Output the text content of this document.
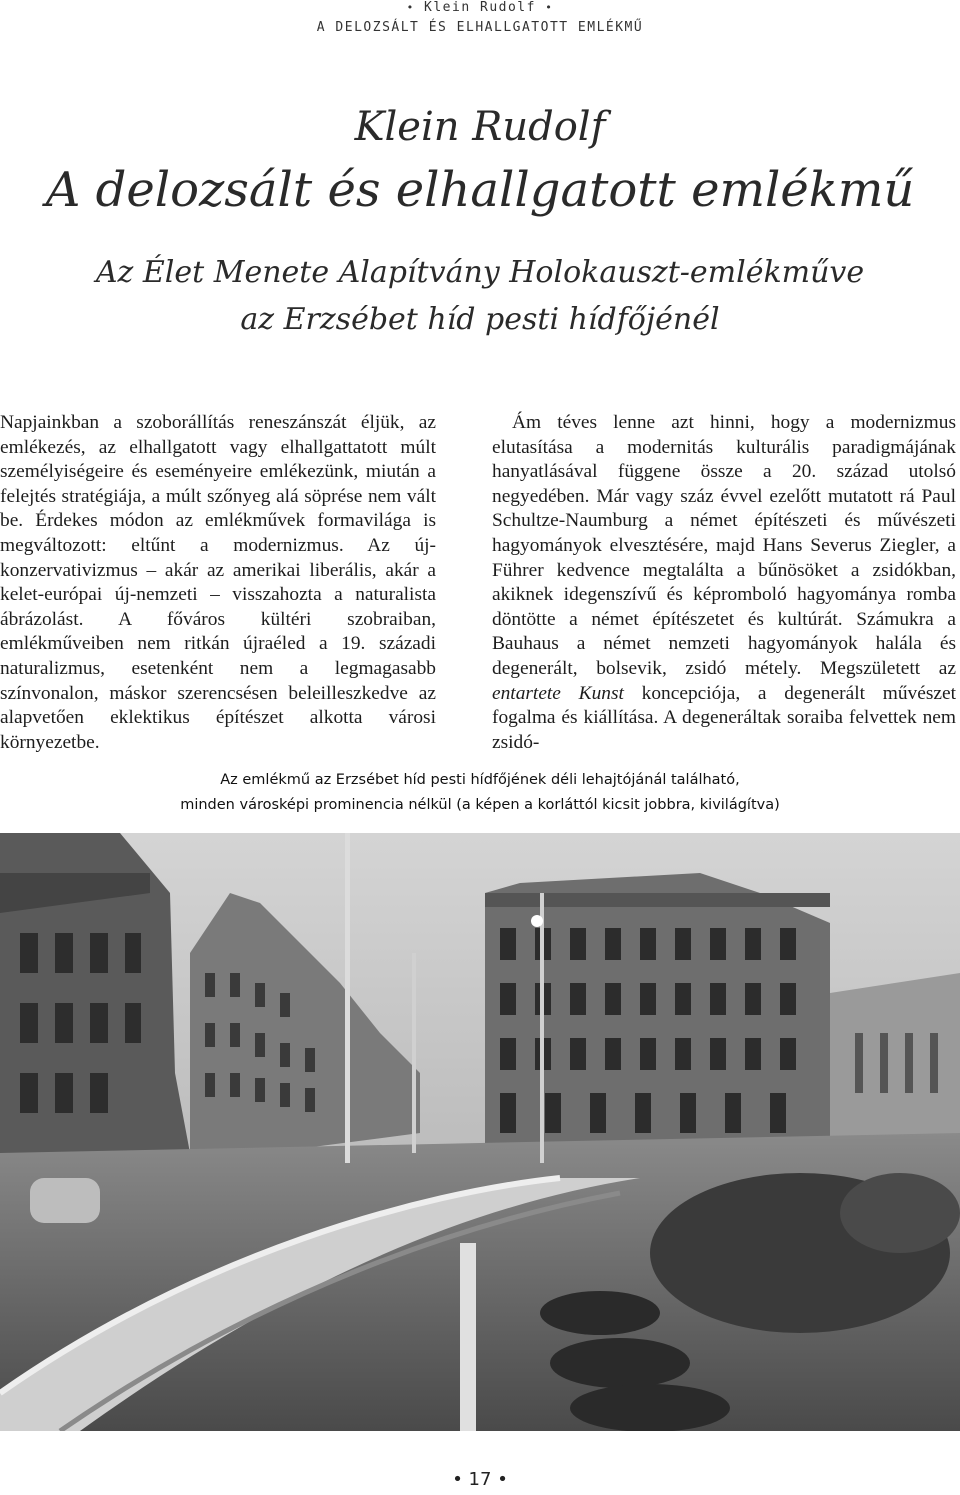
• Klein Rudolf •
A DELOZSÁLT ÉS ELHALLGATOTT EMLÉKMŰ
Klein Rudolf
A delozsált és elhallgatott emlékmű
Az Élet Menete Alapítvány Holokauszt-emlékműve
az Erzsébet híd pesti hídfőjénél

Napjainkban a szoborállítás reneszánszát éljük, az emlékezés, az elhallgatott vagy elhallgattatott múlt személyiségeire és eseményeire emlékezünk, miután a felejtés stratégiája, a múlt szőnyeg alá söprése nem vált be. Érdekes módon az emlékművek formavilága is megváltozott: eltűnt a modernizmus. Az új-konzervativizmus – akár az amerikai liberális, akár a kelet-európai új-nemzeti – visszahozta a naturalista ábrázolást. A főváros kültéri szobraiban, emlékműveiben nem ritkán újraéled a 19. századi naturalizmus, esetenként nem a legmagasabb színvonalon, máskor szerencsésen beleilleszkedve az alapvetően eklektikus építészet alkotta városi környezetbe.

Ám téves lenne azt hinni, hogy a modernizmus elutasítása a modernitás kulturális paradigmájának hanyatlásával függene össze a 20. század utolsó negyedében. Már vagy száz évvel ezelőtt mutatott rá Paul Schultze-Naumburg a német építészeti és művészeti hagyományok elvesztésére, majd Hans Severus Ziegler, a Führer kedvence megtalálta a bűnösöket a zsidókban, akiknek idegenszívű és képromboló hagyománya romba döntötte a német építészetet és kultúrát. Számukra a Bauhaus a német nemzeti hagyományok halála és degenerált, bolsevik, zsidó métely. Megszületett az entartete Kunst koncepciója, a degenerált művészet fogalma és kiállítása. A degeneráltak soraiba felvettek nem zsidó-

Az emlékmű az Erzsébet híd pesti hídfőjének déli lehajtójánál található,
minden városképi prominencia nélkül (a képen a korláttól kicsit jobbra, kivilágítva)
• 17 •
